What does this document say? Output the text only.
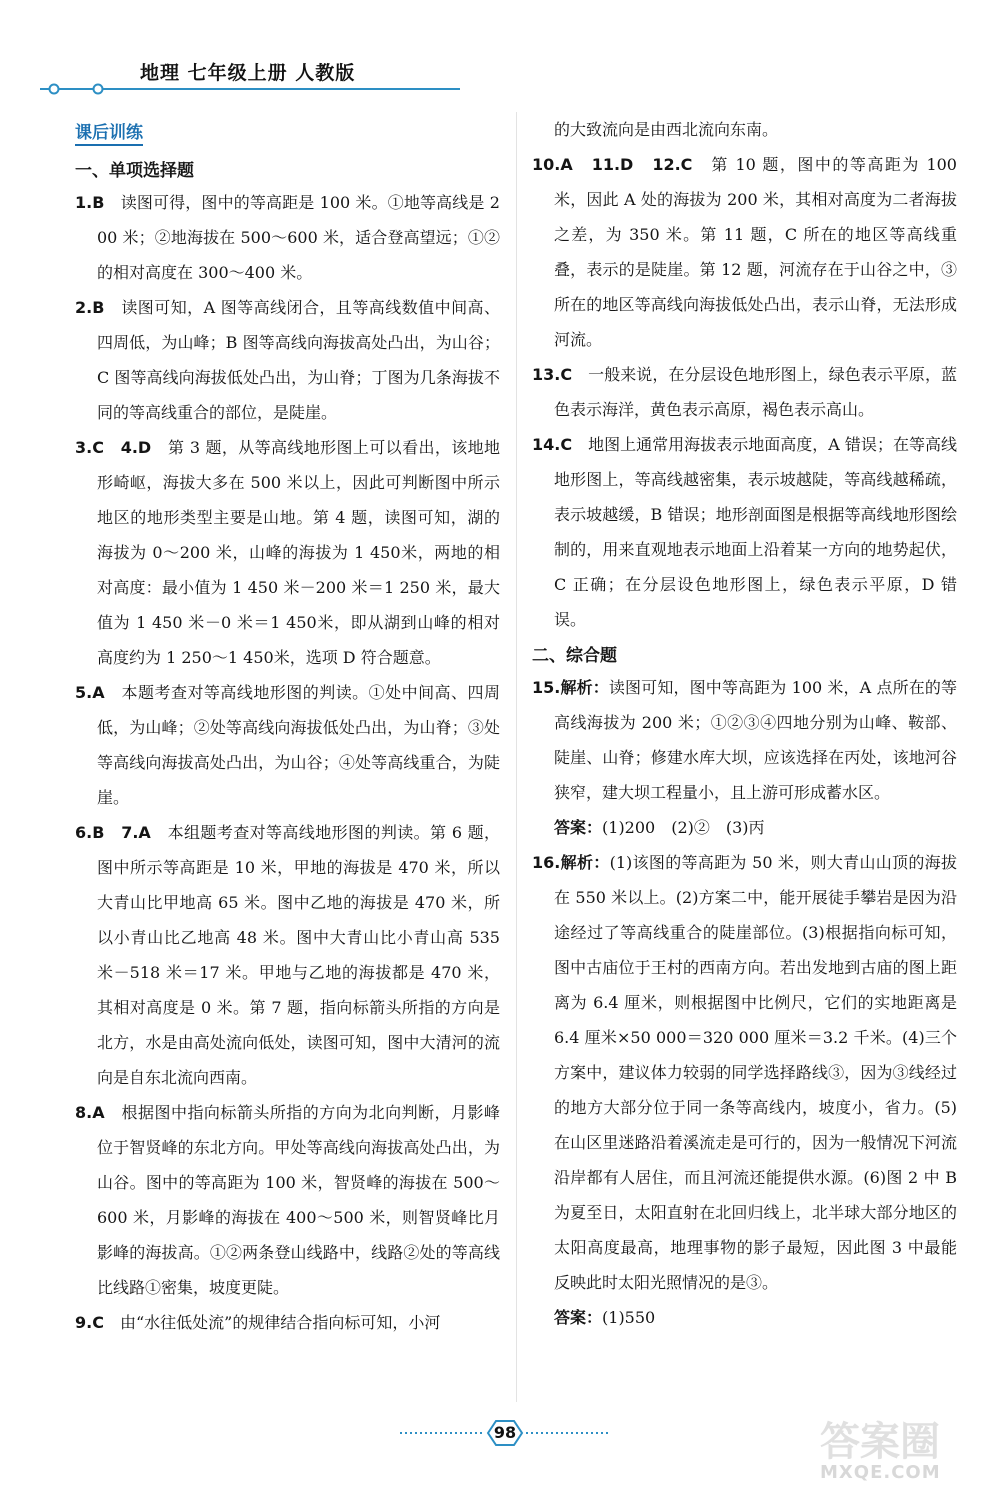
地理 七年级上册 人教版
课后训练
一、单项选择题

1.B　 读图可得，图中的等高距是 100 米。①地等高线是 200 米；②地海拔在 500～600 米，适合登高望远；①②的相对高度在 300～400 米。

2.B　 读图可知，A 图等高线闭合，且等高线数值中间高、四周低，为山峰；B 图等高线向海拔高处凸出，为山谷；C 图等高线向海拔低处凸出，为山脊；丁图为几条海拔不同的等高线重合的部位，是陡崖。

3.C　4.D　 第 3 题，从等高线地形图上可以看出，该地地形崎岖，海拔大多在 500 米以上，因此可判断图中所示地区的地形类型主要是山地。第 4 题，读图可知，湖的海拔为 0～200 米，山峰的海拔为 1 450米，两地的相对高度：最小值为 1 450 米－200 米＝1 250 米，最大值为 1 450 米－0 米＝1 450米，即从湖到山峰的相对高度约为 1 250～1 450米，选项 D 符合题意。

5.A　 本题考查对等高线地形图的判读。①处中间高、四周低，为山峰；②处等高线向海拔低处凸出，为山脊；③处等高线向海拔高处凸出，为山谷；④处等高线重合，为陡崖。

6.B　7.A　 本组题考查对等高线地形图的判读。第 6 题，图中所示等高距是 10 米，甲地的海拔是 470 米，所以大青山比甲地高 65 米。图中乙地的海拔是 470 米，所以小青山比乙地高 48 米。图中大青山比小青山高 535 米－518 米＝17 米。甲地与乙地的海拔都是 470 米，其相对高度是 0 米。第 7 题，指向标箭头所指的方向是北方，水是由高处流向低处，读图可知，图中大清河的流向是自东北流向西南。

8.A　 根据图中指向标箭头所指的方向为北向判断，月影峰位于智贤峰的东北方向。甲处等高线向海拔高处凸出，为山谷。图中的等高距为 100 米，智贤峰的海拔在 500～600 米，月影峰的海拔在 400～500 米，则智贤峰比月影峰的海拔高。①②两条登山线路中，线路②处的等高线比线路①密集，坡度更陡。

9.C　 由“水往低处流”的规律结合指向标可知，小河

的大致流向是由西北流向东南。

10.A　11.D　12.C　 第 10 题，图中的等高距为 100 米，因此 A 处的海拔为 200 米，其相对高度为二者海拔之差，为 350 米。第 11 题，C 所在的地区等高线重叠，表示的是陡崖。第 12 题，河流存在于山谷之中，③所在的地区等高线向海拔低处凸出，表示山脊，无法形成河流。

13.C　 一般来说，在分层设色地形图上，绿色表示平原，蓝色表示海洋，黄色表示高原，褐色表示高山。

14.C　 地图上通常用海拔表示地面高度，A 错误；在等高线地形图上，等高线越密集，表示坡越陡，等高线越稀疏，表示坡越缓，B 错误；地形剖面图是根据等高线地形图绘制的，用来直观地表示地面上沿着某一方向的地势起伏，C 正确；在分层设色地形图上，绿色表示平原，D 错误。

二、综合题

15.解析：读图可知，图中等高距为 100 米，A 点所在的等高线海拔为 200 米；①②③④四地分别为山峰、鞍部、陡崖、山脊；修建水库大坝，应该选择在丙处，该地河谷狭窄，建大坝工程量小，且上游可形成蓄水区。

答案：(1)200　(2)②　(3)丙

16.解析：(1)该图的等高距为 50 米，则大青山山顶的海拔在 550 米以上。(2)方案二中，能开展徒手攀岩是因为沿途经过了等高线重合的陡崖部位。(3)根据指向标可知，图中古庙位于王村的西南方向。若出发地到古庙的图上距离为 6.4 厘米，则根据图中比例尺，它们的实地距离是 6.4 厘米×50 000＝320 000 厘米＝3.2 千米。(4)三个方案中，建议体力较弱的同学选择路线③，因为③线经过的地方大部分位于同一条等高线内，坡度小，省力。(5)在山区里迷路沿着溪流走是可行的，因为一般情况下河流沿岸都有人居住，而且河流还能提供水源。(6)图 2 中 B 为夏至日，太阳直射在北回归线上，北半球大部分地区的太阳高度最高，地理事物的影子最短，因此图 3 中最能反映此时太阳光照情况的是③。

答案：(1)550

98	答案圈
MXQE.COM
